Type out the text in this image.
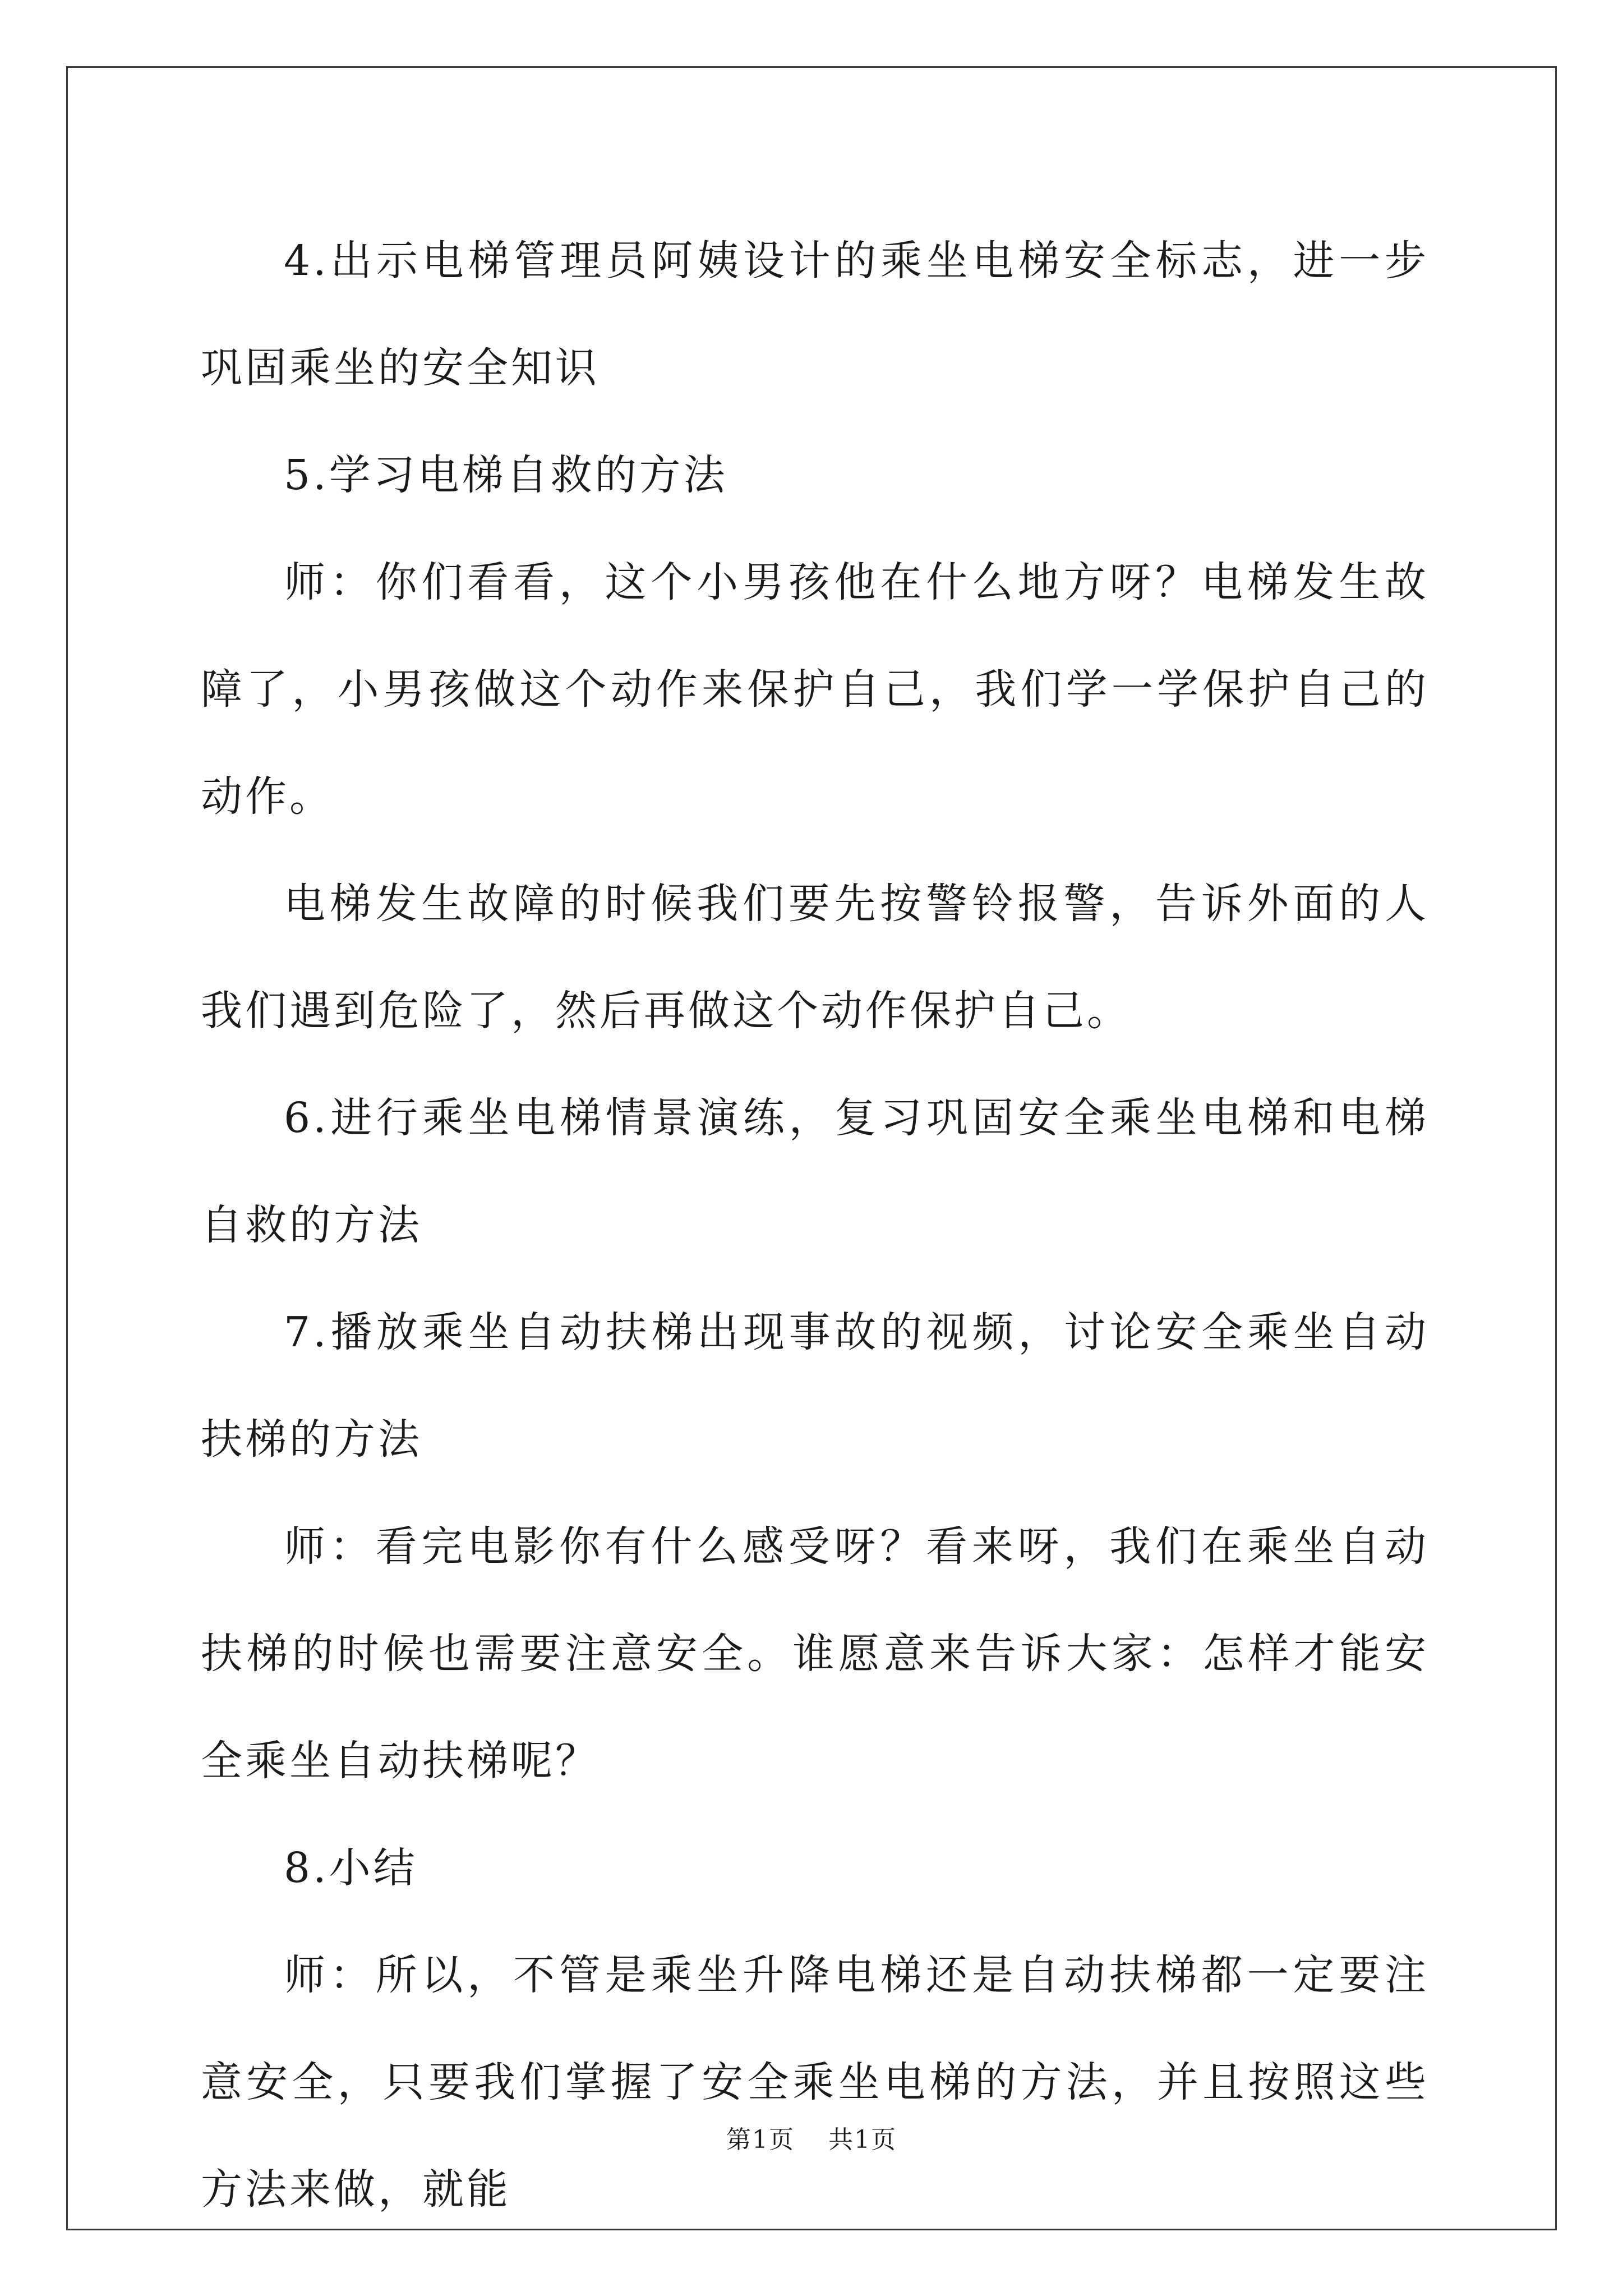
4.出示电梯管理员阿姨设计的乘坐电梯安全标志，进一步巩固乘坐的安全知识

5.学习电梯自救的方法

师：你们看看，这个小男孩他在什么地方呀？电梯发生故障了，小男孩做这个动作来保护自己，我们学一学保护自己的动作。

电梯发生故障的时候我们要先按警铃报警，告诉外面的人我们遇到危险了，然后再做这个动作保护自己。

6.进行乘坐电梯情景演练，复习巩固安全乘坐电梯和电梯自救的方法

7.播放乘坐自动扶梯出现事故的视频，讨论安全乘坐自动扶梯的方法

师：看完电影你有什么感受呀？看来呀，我们在乘坐自动扶梯的时候也需要注意安全。谁愿意来告诉大家：怎样才能安全乘坐自动扶梯呢？

8.小结

师：所以，不管是乘坐升降电梯还是自动扶梯都一定要注意安全，只要我们掌握了安全乘坐电梯的方法，并且按照这些方法来做，就能

第1页 共1页
